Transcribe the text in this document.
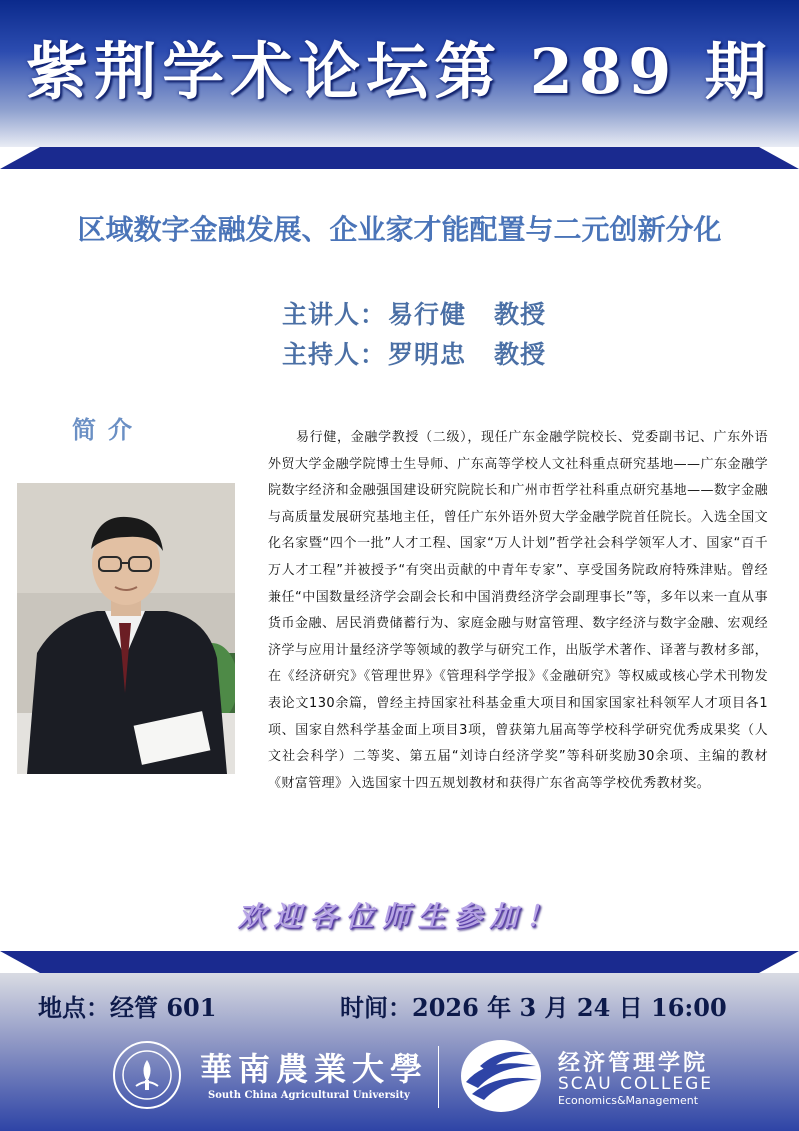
紫荆学术论坛第 289 期
区域数字金融发展、企业家才能配置与二元创新分化
主讲人：易行健 教授
主持人：罗明忠 教授
简介	易行健，金融学教授（二级），现任广东金融学院校长、党委副书记、广东外语外贸大学金融学院博士生导师、广东高等学校人文社科重点研究基地——广东金融学院数字经济和金融强国建设研究院院长和广州市哲学社科重点研究基地——数字金融与高质量发展研究基地主任，曾任广东外语外贸大学金融学院首任院长。入选全国文化名家暨“四个一批”人才工程、国家“万人计划”哲学社会科学领军人才、国家“百千万人才工程”并被授予“有突出贡献的中青年专家”、享受国务院政府特殊津贴。曾经兼任“中国数量经济学会副会长和中国消费经济学会副理事长”等，多年以来一直从事货币金融、居民消费储蓄行为、家庭金融与财富管理、数字经济与数字金融、宏观经济学与应用计量经济学等领域的教学与研究工作，出版学术著作、译著与教材多部，在《经济研究》《管理世界》《管理科学学报》《金融研究》等权威或核心学术刊物发表论文130余篇，曾经主持国家社科基金重大项目和国家国家社科领军人才项目各1项、国家自然科学基金面上项目3项，曾获第九届高等学校科学研究优秀成果奖（人文社会科学）二等奖、第五届“刘诗白经济学奖”等科研奖励30余项、主编的教材《财富管理》入选国家十四五规划教材和获得广东省高等学校优秀教材奖。

欢迎各位师生参加！
地点：经管 601	时间：2026 年 3 月 24 日 16:00
華南農業大學
South China Agricultural University
经济管理学院
SCAU COLLEGE
Economics&Management
